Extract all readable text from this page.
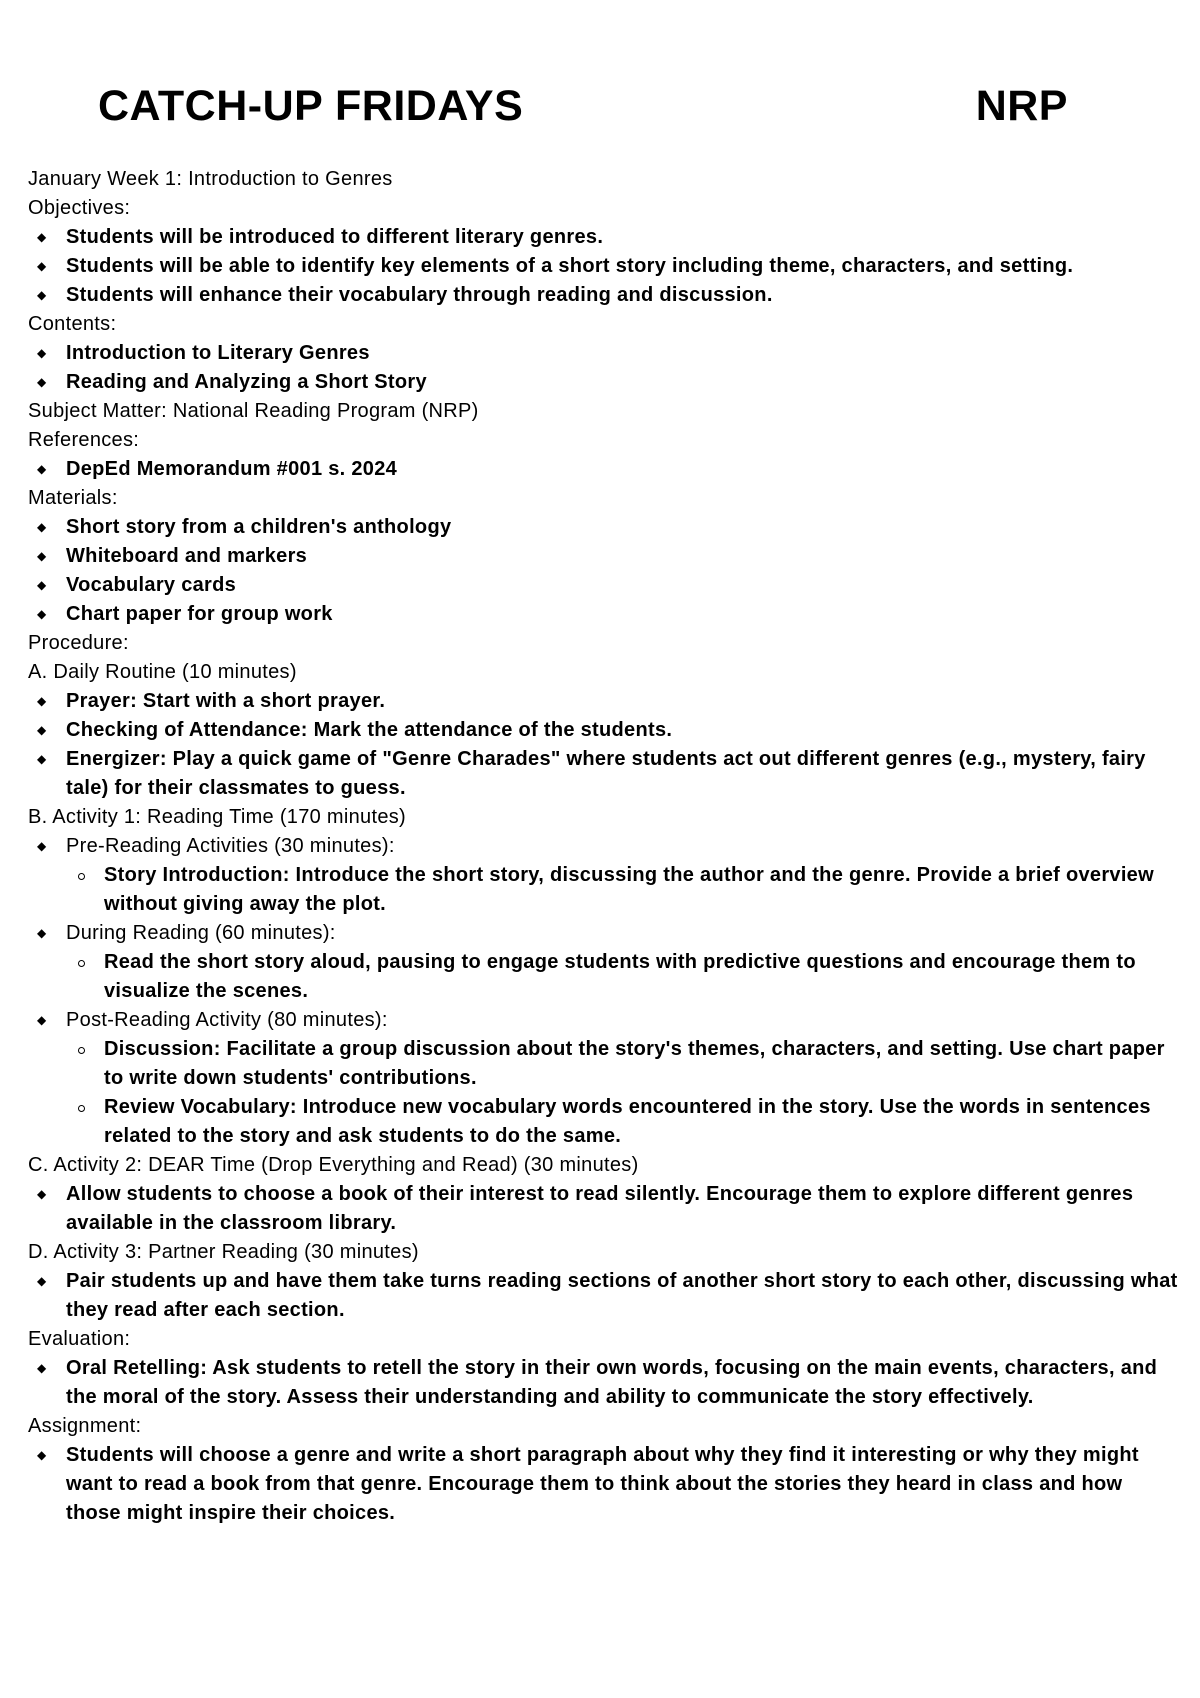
CATCH-UP FRIDAYS	NRP
January Week 1: Introduction to Genres
Objectives:
◆ Students will be introduced to different literary genres.
◆ Students will be able to identify key elements of a short story including theme, characters, and setting.
◆ Students will enhance their vocabulary through reading and discussion.
Contents:
◆ Introduction to Literary Genres
◆ Reading and Analyzing a Short Story
Subject Matter: National Reading Program (NRP)
References:
◆ DepEd Memorandum #001 s. 2024
Materials:
◆ Short story from a children's anthology
◆ Whiteboard and markers
◆ Vocabulary cards
◆ Chart paper for group work
Procedure:
A. Daily Routine (10 minutes)
◆ Prayer: Start with a short prayer.
◆ Checking of Attendance: Mark the attendance of the students.
◆ Energizer: Play a quick game of "Genre Charades" where students act out different genres (e.g., mystery, fairy tale) for their classmates to guess.
B. Activity 1: Reading Time (170 minutes)
◆ Pre-Reading Activities (30 minutes):
Story Introduction: Introduce the short story, discussing the author and the genre. Provide a brief overview without giving away the plot.
◆ During Reading (60 minutes):
Read the short story aloud, pausing to engage students with predictive questions and encourage them to visualize the scenes.
◆ Post-Reading Activity (80 minutes):
Discussion: Facilitate a group discussion about the story's themes, characters, and setting. Use chart paper to write down students' contributions.
Review Vocabulary: Introduce new vocabulary words encountered in the story. Use the words in sentences related to the story and ask students to do the same.
C. Activity 2: DEAR Time (Drop Everything and Read) (30 minutes)
◆ Allow students to choose a book of their interest to read silently. Encourage them to explore different genres available in the classroom library.
D. Activity 3: Partner Reading (30 minutes)
◆ Pair students up and have them take turns reading sections of another short story to each other, discussing what they read after each section.
Evaluation:
◆ Oral Retelling: Ask students to retell the story in their own words, focusing on the main events, characters, and the moral of the story. Assess their understanding and ability to communicate the story effectively.
Assignment:
◆ Students will choose a genre and write a short paragraph about why they find it interesting or why they might want to read a book from that genre. Encourage them to think about the stories they heard in class and how those might inspire their choices.
